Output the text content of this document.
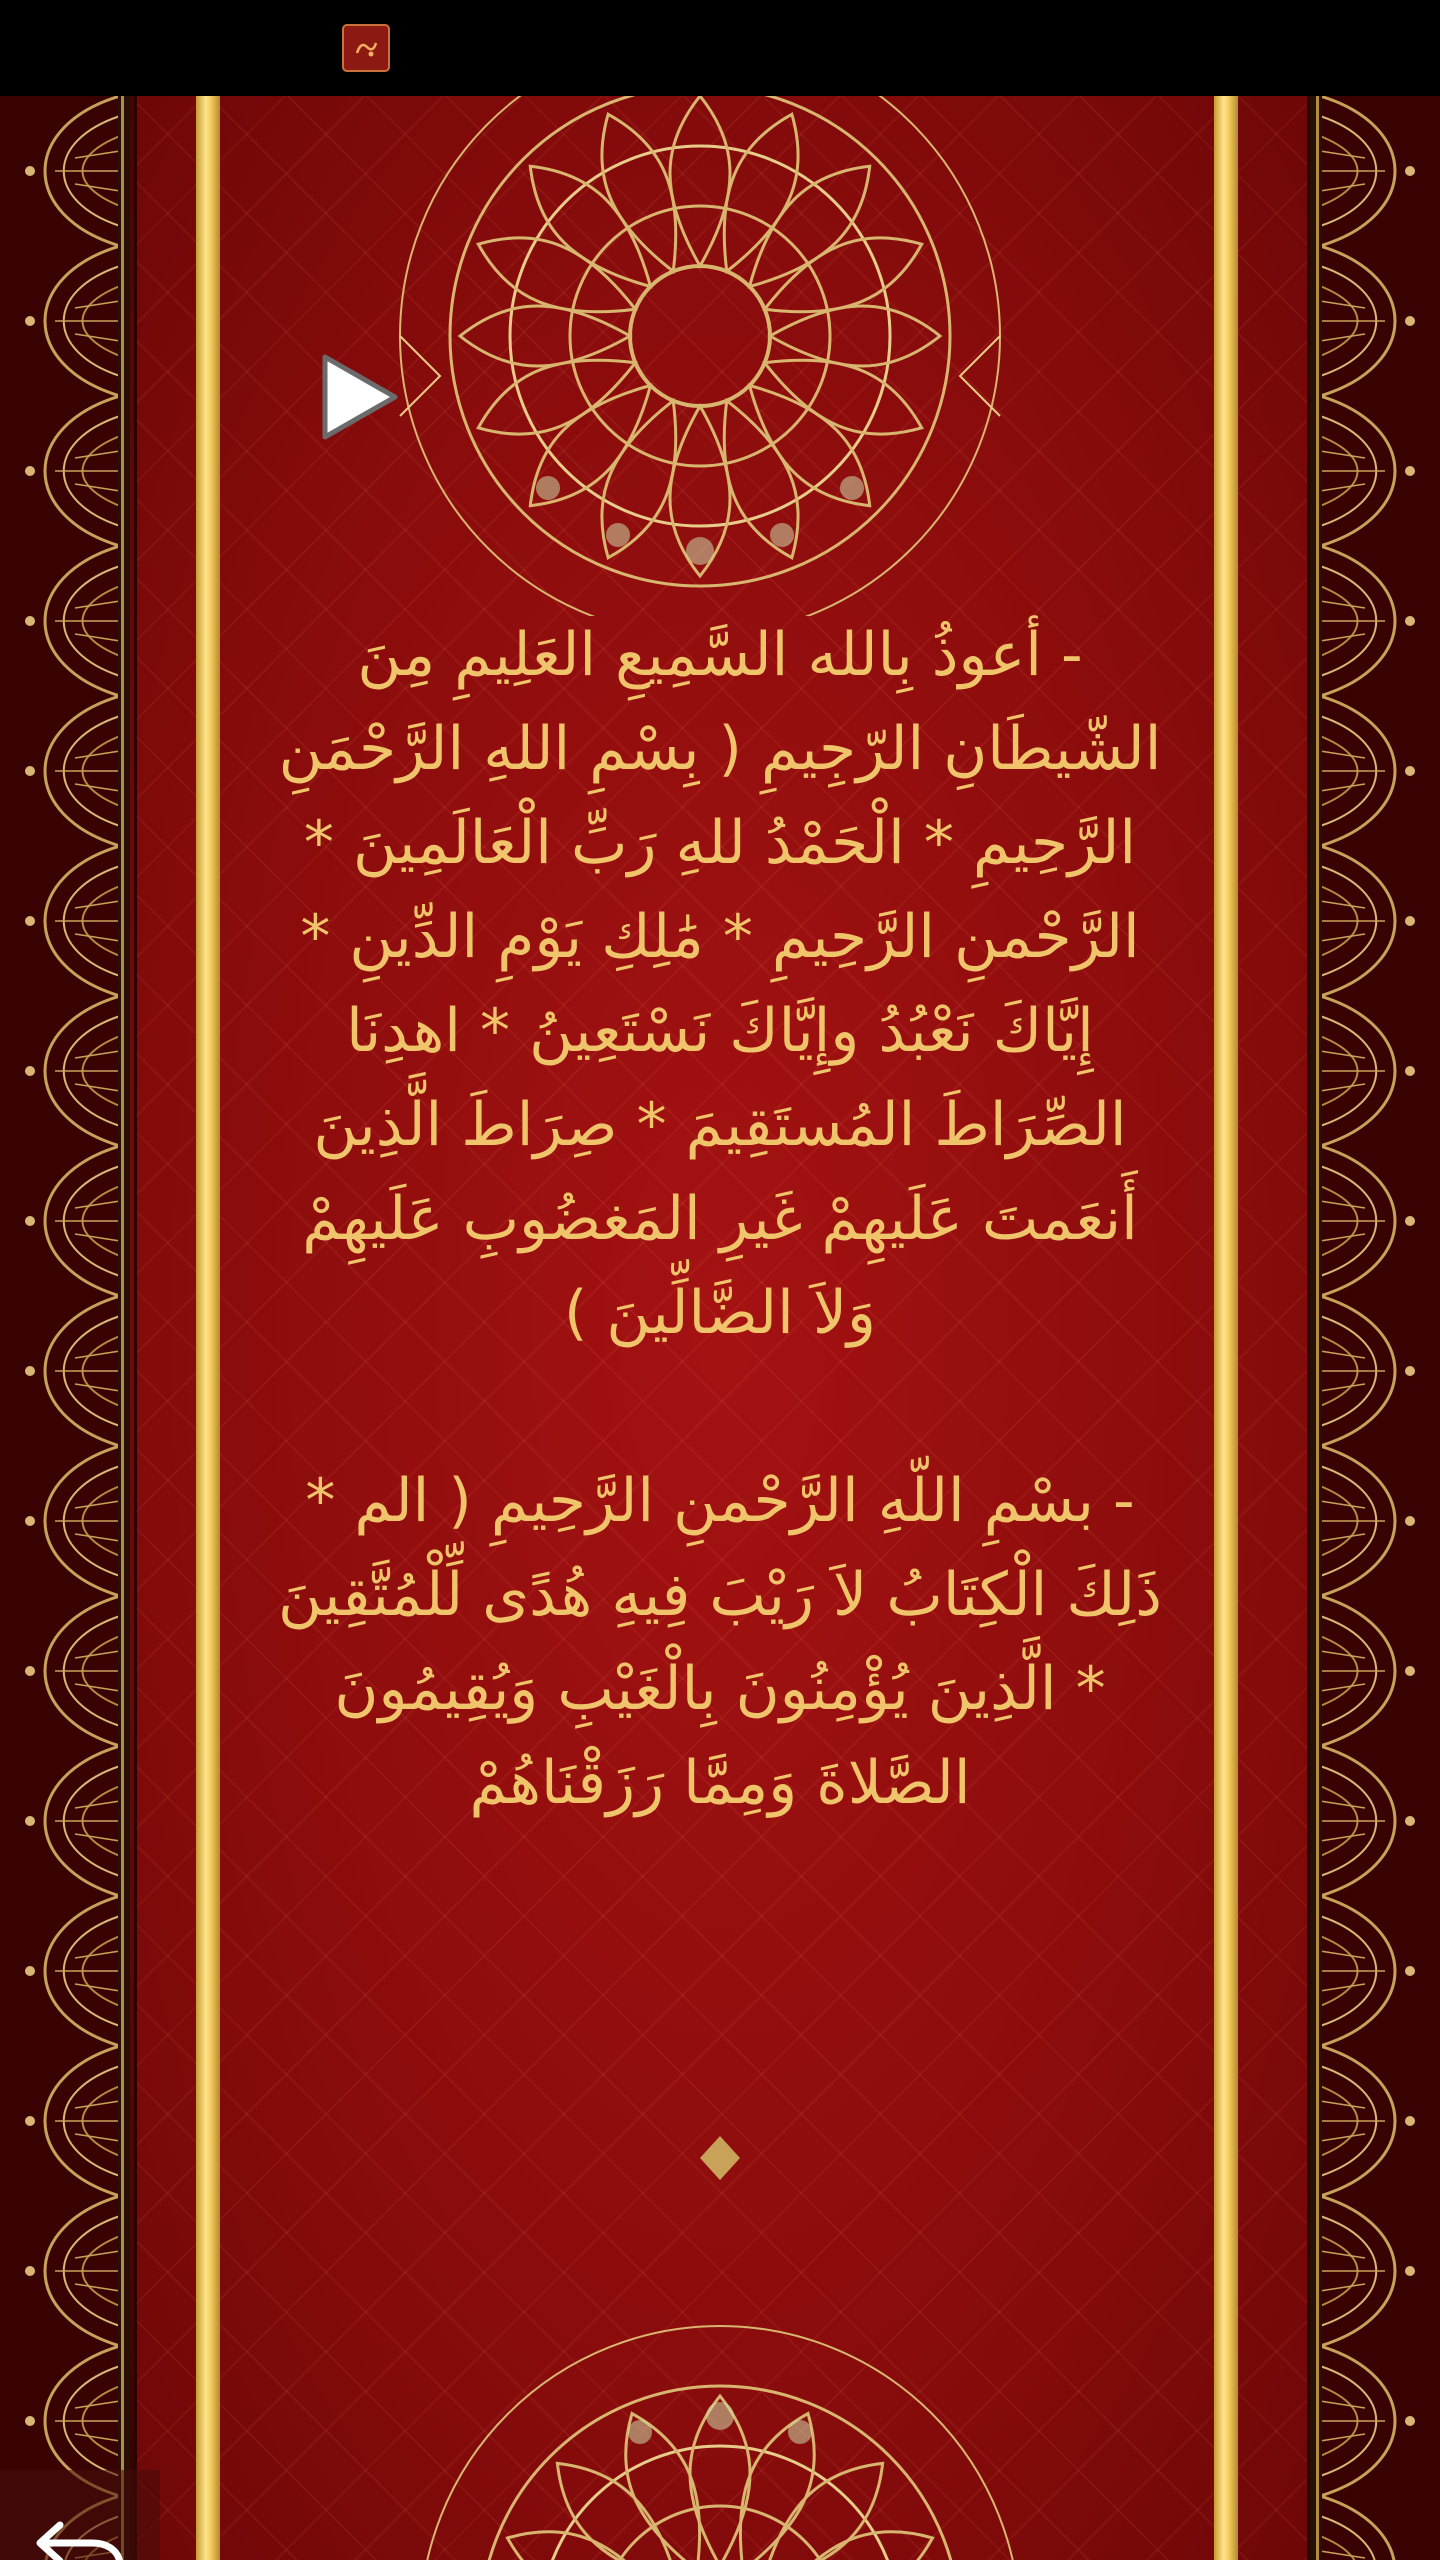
- أعوذُ بِالله السَّمِيعِ العَلِيمِ مِنَ الشّيطَانِ الرّجِيمِ ( بِسْمِ اللهِ الرَّحْمَنِ الرَّحِيمِ * الْحَمْدُ للهِ رَبِّ الْعَالَمِينَ * الرَّحْمنِ الرَّحِيمِ * مَٰلِكِ يَوْمِ الدِّينِ * إِيَّاكَ نَعْبُدُ وإِيَّاكَ نَسْتَعِينُ * اهدِنَا الصِّرَاطَ المُستَقِيمَ * صِرَاطَ الَّذِينَ أَنعَمتَ عَلَيهِمْ غَيرِ المَغضُوبِ عَلَيهِمْ وَلاَ الضَّالِّينَ )

- بسْمِ اللّهِ الرَّحْمنِ الرَّحِيمِ ( الم * ذَلِكَ الْكِتَابُ لاَ رَيْبَ فِيهِ هُدًى لِّلْمُتَّقِينَ * الَّذِينَ يُؤْمِنُونَ بِالْغَيْبِ وَيُقِيمُونَ الصَّلاةَ وَمِمَّا رَزَقْنَاهُمْ
